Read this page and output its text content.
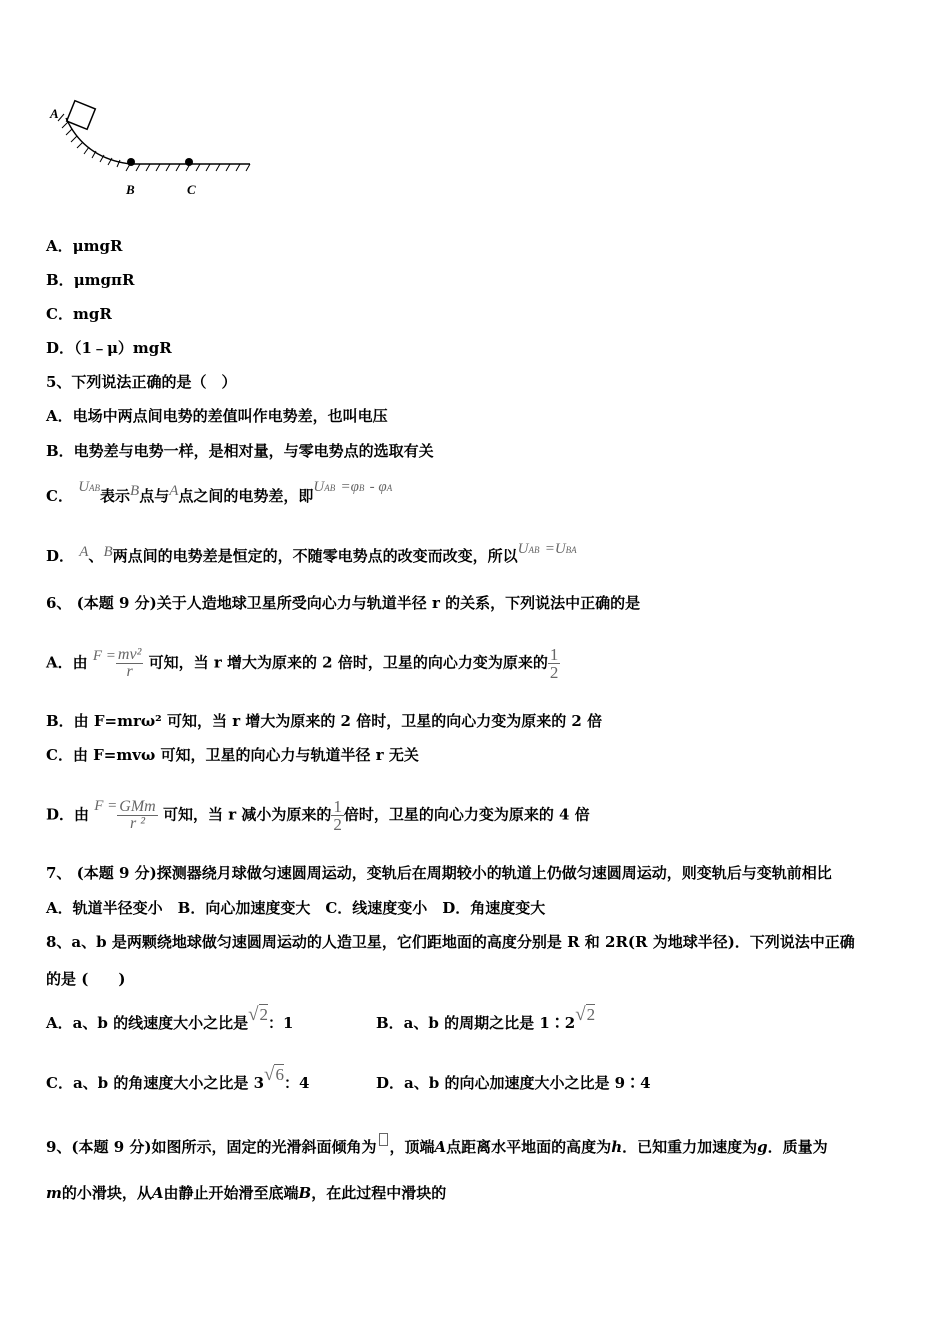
A
B	C
A．μmgR
B．μmgπR
C．mgR
D．（1﹣μ）mgR
5、下列说法正确的是（　）
A．电场中两点间电势的差值叫作电势差，也叫电压
B．电势差与电势一样，是相对量，与零电势点的选取有关
C． UAB表示B点与A点之间的电势差，即UAB =φB - φA
D． A、B两点间的电势差是恒定的，不随零电势点的改变而改变，所以UAB =UBA
6、 (本题 9 分)关于人造地球卫星所受向心力与轨道半径 r 的关系，下列说法中正确的是
A．由 $F = \frac{\text{mv²}}{r}$ 可知，当 r 增大为原来的 2 倍时，卫星的向心力变为原来的 $\frac{1}{2}$
B．由 F=mrω² 可知，当 r 增大为原来的 2 倍时，卫星的向心力变为原来的 2 倍
C．由 F=mvω 可知，卫星的向心力与轨道半径 r 无关
D．由 $F = \frac{\text{GMm}}{\text{r ²}}$ 可知，当 r 减小为原来的 $\frac{1}{2}$ 倍时，卫星的向心力变为原来的 4 倍
7、 (本题 9 分)探测器绕月球做匀速圆周运动，变轨后在周期较小的轨道上仍做匀速圆周运动，则变轨后与变轨前相比
A．轨道半径变小　B．向心加速度变大　C．线速度变小　D．角速度变大
8、a、b 是两颗绕地球做匀速圆周运动的人造卫星，它们距地面的高度分别是 R 和 2R(R 为地球半径)．下列说法中正确
的是 (　　)
A．a、b 的线速度大小之比是√2：1	B．a、b 的周期之比是 1∶2√2
C．a、b 的角速度大小之比是 3√6：4	D．a、b 的向心加速度大小之比是 9∶4
9、(本题 9 分)如图所示，固定的光滑斜面倾角为 ，顶端A点距离水平地面的高度为h．已知重力加速度为g．质量为
m的小滑块，从A由静止开始滑至底端B，在此过程中滑块的
